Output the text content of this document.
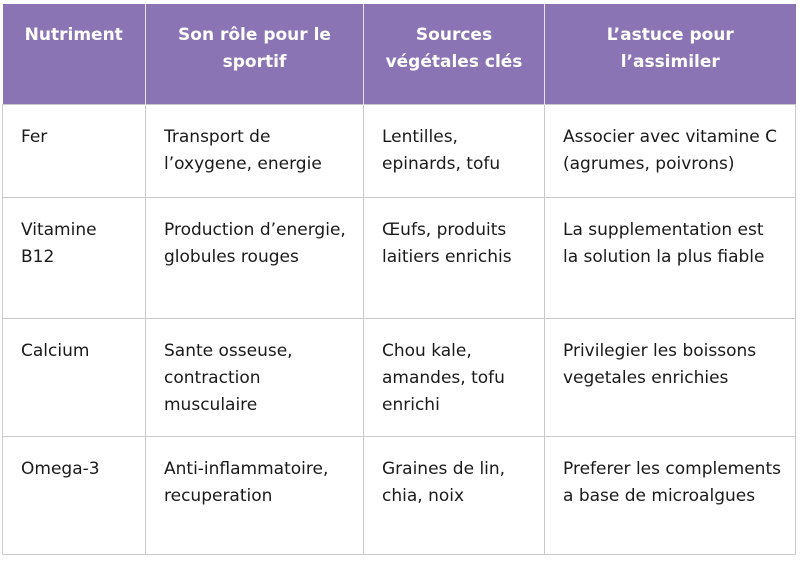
Nutriment	Son rôle pour le sportif	Sources végétales clés	L’astuce pour l’assimiler
Fer	Transport de l’oxygene, energie	Lentilles, epinards, tofu	Associer avec vitamine C (agrumes, poivrons)
Vitamine B12	Production d’energie, globules rouges	Œufs, produits laitiers enrichis	La supplementation est la solution la plus fiable
Calcium	Sante osseuse, contraction musculaire	Chou kale, amandes, tofu enrichi	Privilegier les boissons vegetales enrichies
Omega-3	Anti-inflammatoire, recuperation	Graines de lin, chia, noix	Preferer les complements a base de microalgues
